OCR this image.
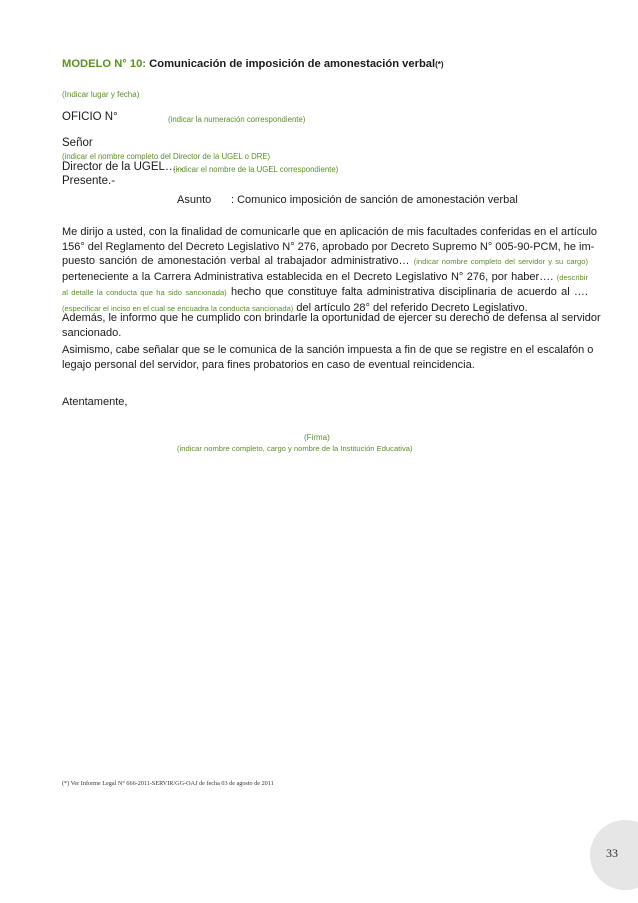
MODELO N° 10: Comunicación de imposición de amonestación verbal(*)
(Indicar lugar y fecha)
OFICIO N°	(indicar la numeración correspondiente)
Señor
(indicar el nombre completo del Director de la UGEL o DRE)
Director de la UGEL…..
(indicar el nombre de la UGEL correspondiente)
Presente.-
Asunto : Comunico imposición de sanción de amonestación verbal
Me dirijo a usted, con la finalidad de comunicarle que en aplicación de mis facultades conferidas en el artículo
156° del Reglamento del Decreto Legislativo N° 276, aprobado por Decreto Supremo N° 005-90-PCM, he im-
puesto sanción de amonestación verbal al trabajador administrativo… (indicar nombre completo del servidor y su cargo)
perteneciente a la Carrera Administrativa establecida en el Decreto Legislativo N° 276, por haber…. (describir
al detalle la conducta que ha sido sancionada) hecho que constituye falta administrativa disciplinaria de acuerdo al ….
(especificar el inciso en el cual se encuadra la conducta sancionada) del artículo 28° del referido Decreto Legislativo.
Además, le informo que he cumplido con brindarle la oportunidad de ejercer su derecho de defensa al servidor
sancionado.
Asimismo, cabe señalar que se le comunica de la sanción impuesta a fin de que se registre en el escalafón o
legajo personal del servidor, para fines probatorios en caso de eventual reincidencia.
Atentamente,
(Firma)
(indicar nombre completo, cargo y nombre de la Institución Educativa)
(*) Ver Informe Legal N° 666-2011-SERVIR/GG-OAJ de fecha 03 de agosto de 2011
33
